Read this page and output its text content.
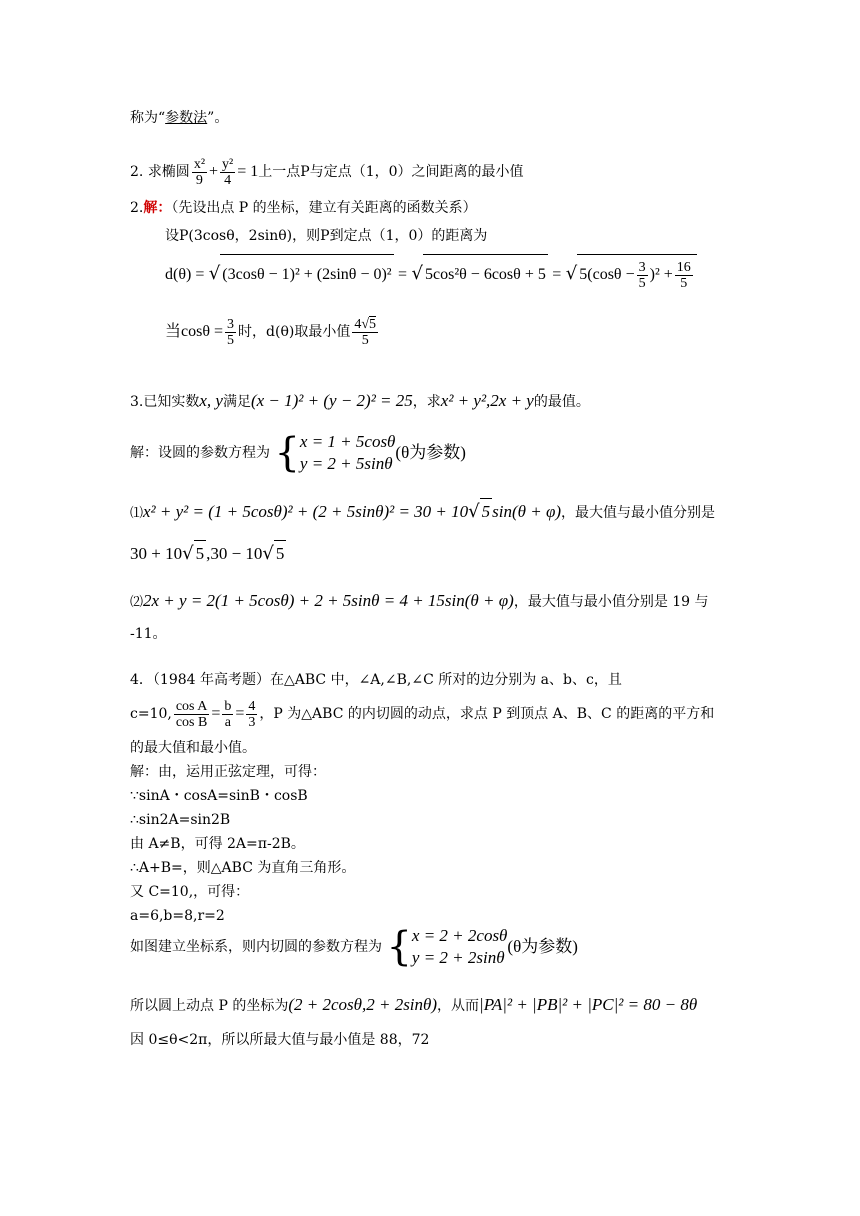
称为“参数法”。
2. 求椭圆 $\frac{\text{x²}}{9} + \frac{\text{y²}}{4} = 1$上一点P与定点（1，0）之间距离的最小值
2.解：（先设出点 P 的坐标，建立有关距离的函数关系）
设P(3cosθ，2sinθ)，则P到定点（1，0）的距离为
d(θ) = √ (3cosθ − 1)² + (2sinθ − 0)² = √ 5cos²θ − 6cosθ + 5 = √ $5(\cos\theta - \frac{3}{5} )^2 + \frac{16}{5}$
当$\cos\theta = \frac{3}{5}$ 时，d(θ)取最小值 $\frac{4√5}{5}$
3.已知实数x, y满足(x − 1)² + (y − 2)² = 25，求x² + y²,2x + y的最值。
解：设圆的参数方程为 { x = 1 + 5cosθ
y = 2 + 5sinθ
(θ为参数)
⑴x² + y² = (1 + 5cosθ)² + (2 + 5sinθ)² = 30 + 10√ 5 sin(θ + φ)，最大值与最小值分别是
30 + 10√ 5 ,30 − 10√ 5
⑵2x + y = 2(1 + 5cosθ) + 2 + 5sinθ = 4 + 15sin(θ + φ)，最大值与最小值分别是 19 与
-11。
4．（1984 年高考题）在△ABC 中，∠A,∠B,∠C 所对的边分别为 a、b、c，且
c=10, $\frac{\text{cos A}}{\text{cos B}} = \frac{b}{a} = \frac{4}{3}$ ，P 为△ABC 的内切圆的动点，求点 P 到顶点 A、B、C 的距离的平方和
的最大值和最小值。
解：由，运用正弦定理，可得：
∵sinA・cosA=sinB・cosB
∴sin2A=sin2B
由 A≠B，可得 2A=π-2B。
∴A+B=，则△ABC 为直角三角形。
又 C=10,，可得：
a=6,b=8,r=2
如图建立坐标系，则内切圆的参数方程为 { x = 2 + 2cosθ
y = 2 + 2sinθ
(θ为参数)
所以圆上动点 P 的坐标为(2 + 2cosθ,2 + 2sinθ)，从而|PA|² + |PB|² + |PC|² = 80 − 8θ
因 0≤θ<2π，所以所最大值与最小值是 88，72
